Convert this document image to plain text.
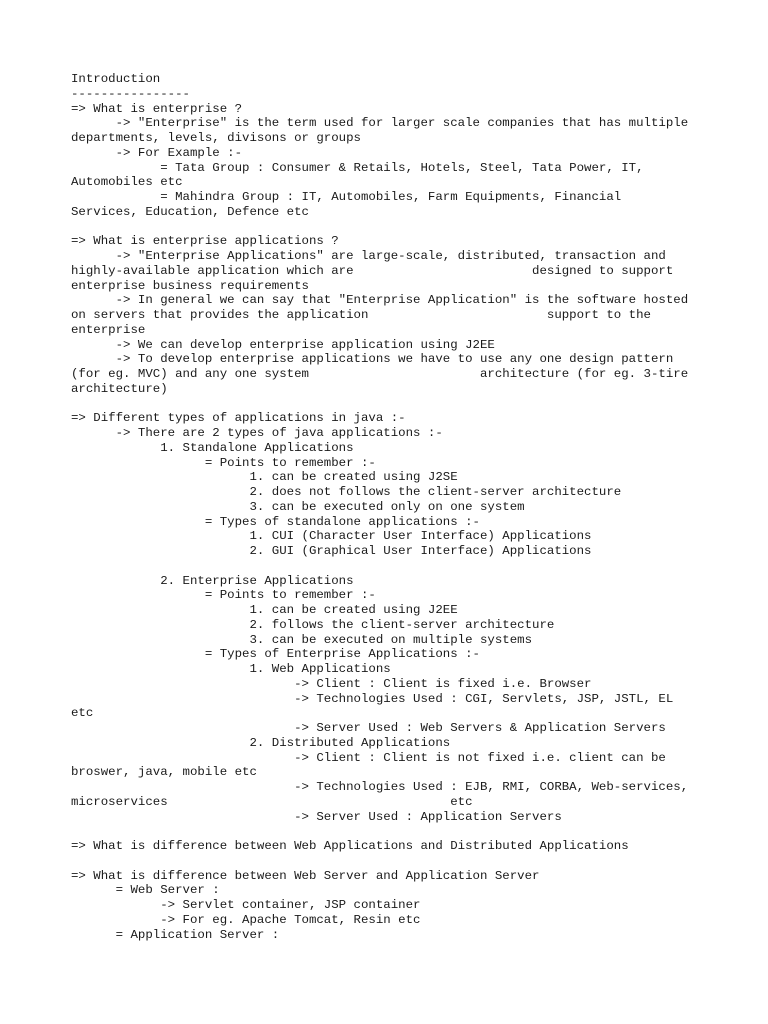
Introduction
----------------
=> What is enterprise ?
-> "Enterprise" is the term used for larger scale companies that has multiple
departments, levels, divisons or groups
-> For Example :-
= Tata Group : Consumer & Retails, Hotels, Steel, Tata Power, IT,
Automobiles etc
= Mahindra Group : IT, Automobiles, Farm Equipments, Financial
Services, Education, Defence etc
=> What is enterprise applications ?
-> "Enterprise Applications" are large-scale, distributed, transaction and
highly-available application which are                        designed to support
enterprise business requirements
-> In general we can say that "Enterprise Application" is the software hosted
on servers that provides the application                        support to the
enterprise
-> We can develop enterprise application using J2EE
-> To develop enterprise applications we have to use any one design pattern
(for eg. MVC) and any one system                       architecture (for eg. 3-tire
architecture)
=> Different types of applications in java :-
-> There are 2 types of java applications :-
1. Standalone Applications
= Points to remember :-
1. can be created using J2SE
2. does not follows the client-server architecture
3. can be executed only on one system
= Types of standalone applications :-
1. CUI (Character User Interface) Applications
2. GUI (Graphical User Interface) Applications
2. Enterprise Applications
= Points to remember :-
1. can be created using J2EE
2. follows the client-server architecture
3. can be executed on multiple systems
= Types of Enterprise Applications :-
1. Web Applications
-> Client : Client is fixed i.e. Browser
-> Technologies Used : CGI, Servlets, JSP, JSTL, EL
etc
-> Server Used : Web Servers & Application Servers
2. Distributed Applications
-> Client : Client is not fixed i.e. client can be
broswer, java, mobile etc
-> Technologies Used : EJB, RMI, CORBA, Web-services,
microservices                                      etc
-> Server Used : Application Servers
=> What is difference between Web Applications and Distributed Applications
=> What is difference between Web Server and Application Server
= Web Server :
-> Servlet container, JSP container
-> For eg. Apache Tomcat, Resin etc
= Application Server :
